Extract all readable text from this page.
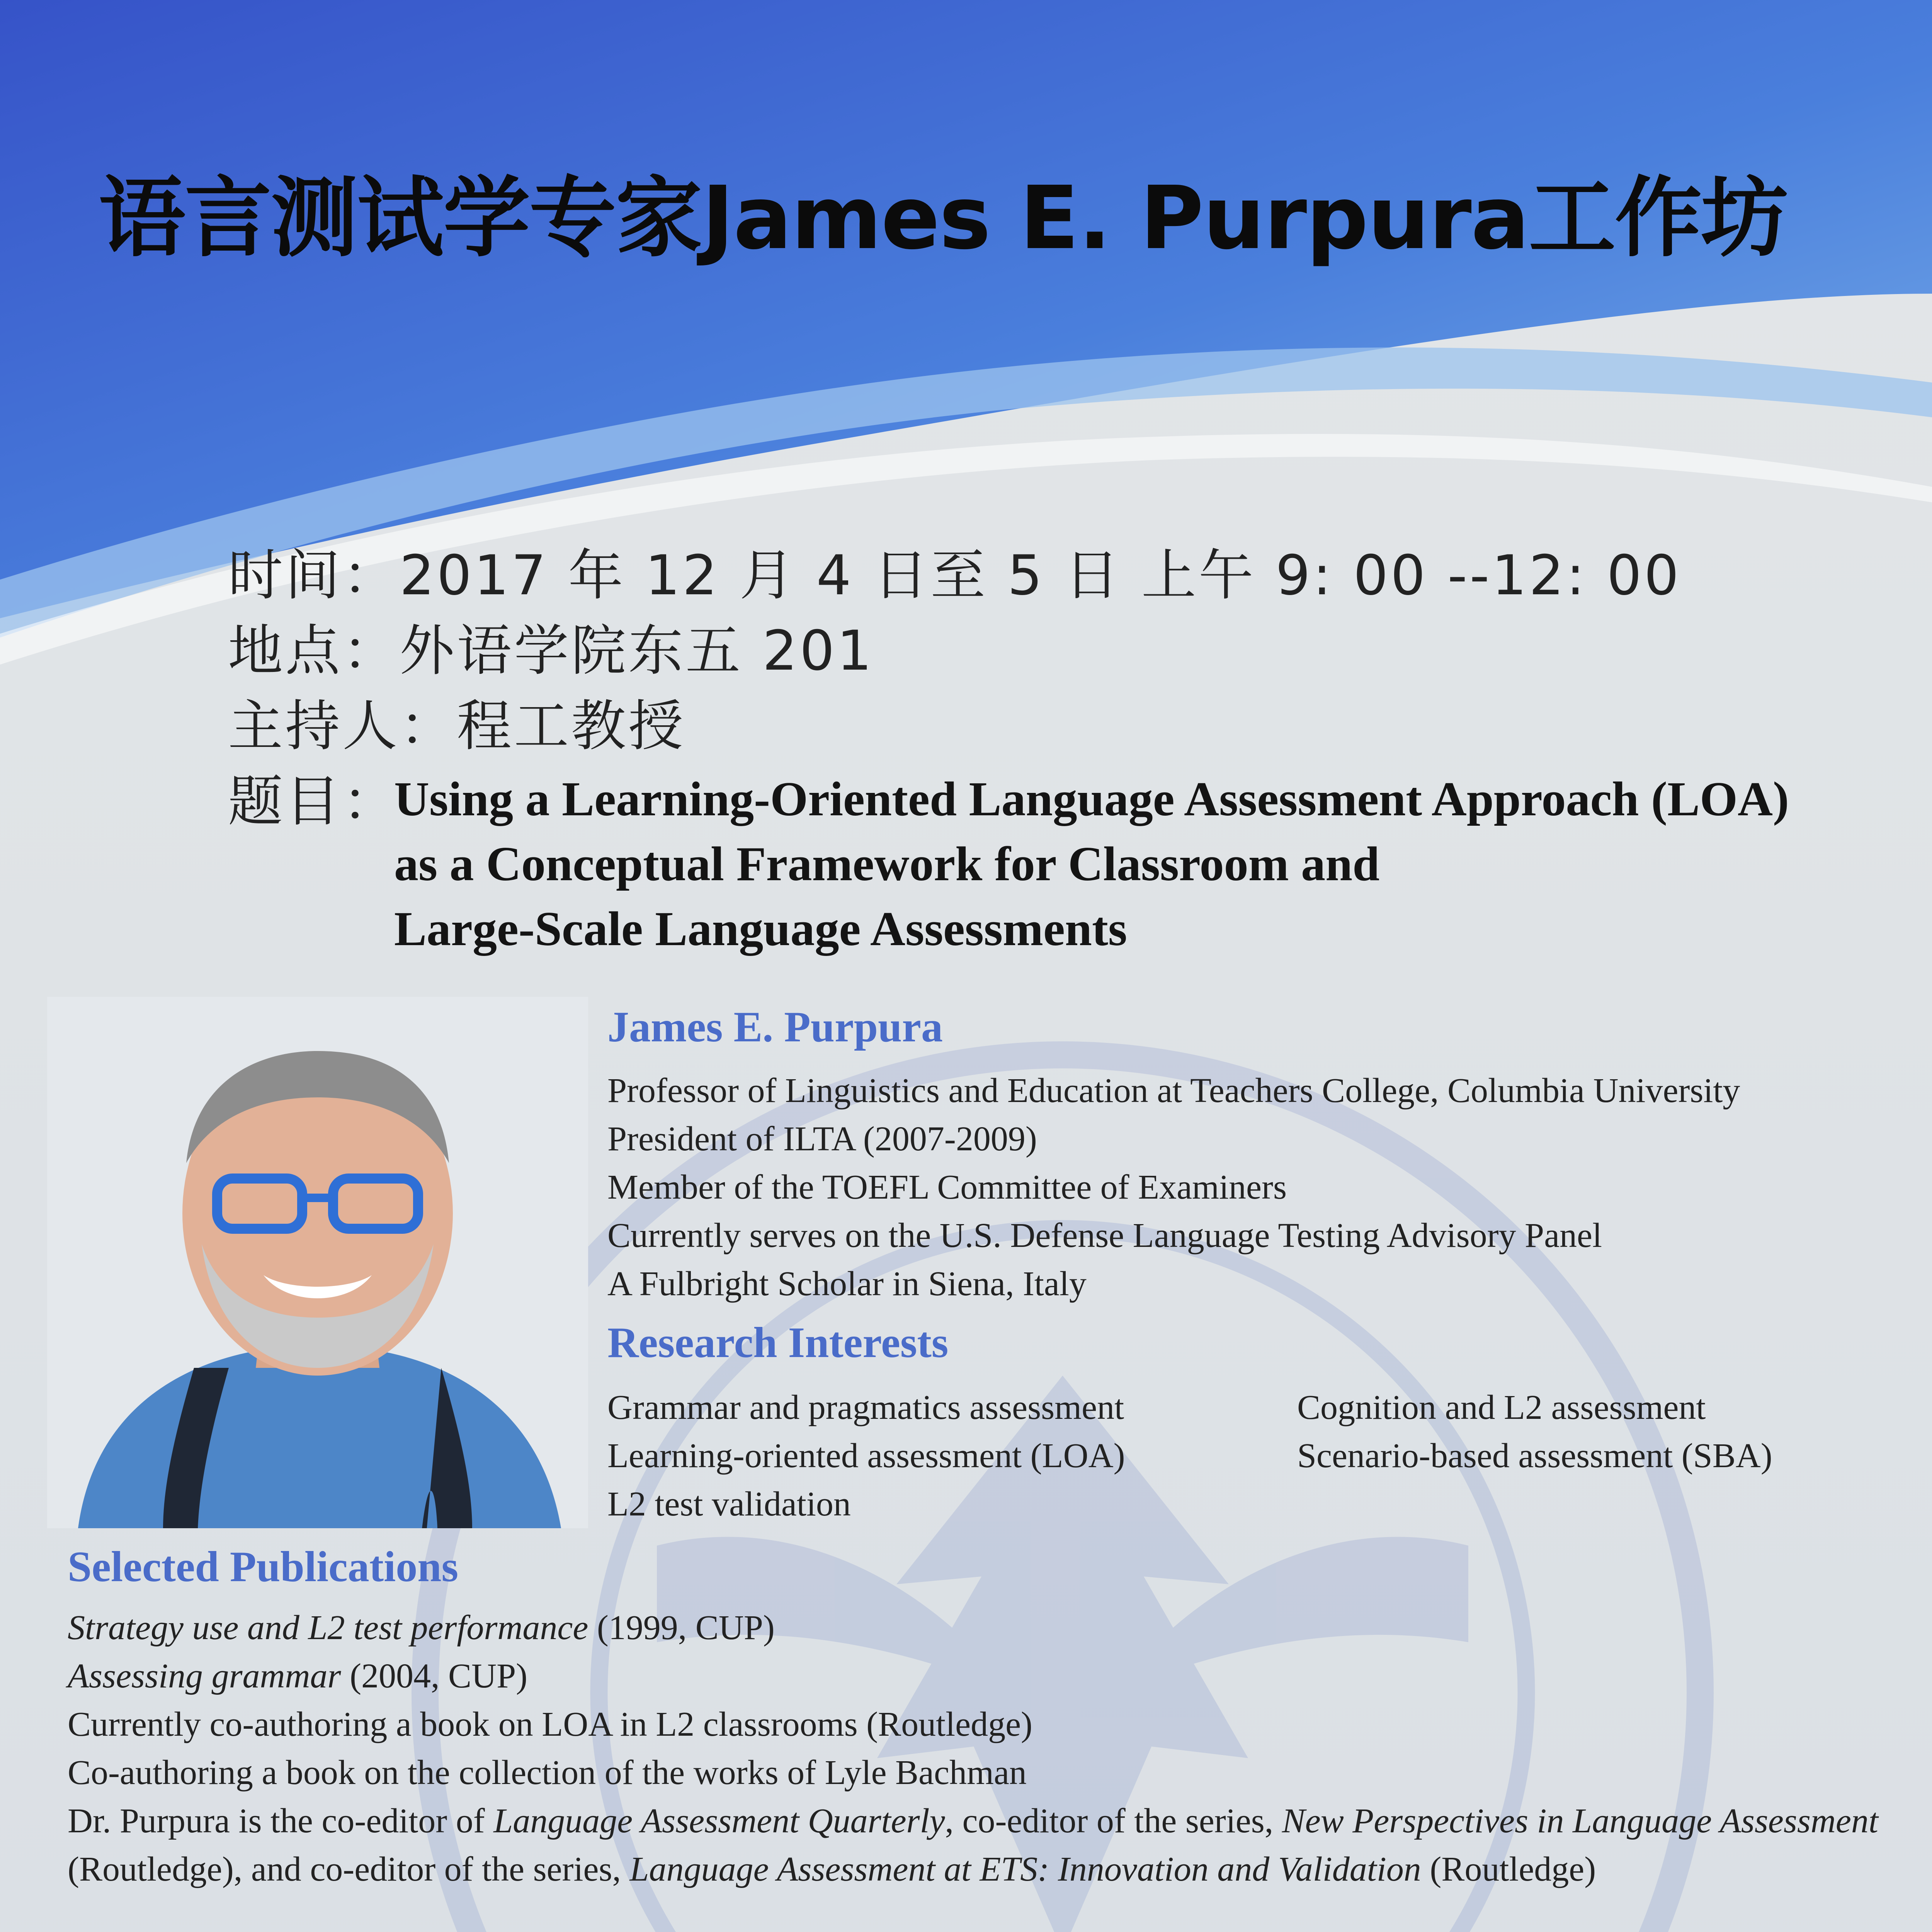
语言测试学专家James E. Purpura工作坊
时间：2017 年 12 月 4 日至 5 日 上午 9: 00 --12: 00
地点：外语学院东五 201
主持人：程工教授
题目：
Using a Learning-Oriented Language Assessment Approach (LOA)
as a Conceptual Framework for Classroom and
Large-Scale Language Assessments
James E. Purpura
Professor of Linguistics and Education at Teachers College, Columbia University
President of ILTA (2007-2009)
Member of the TOEFL Committee of Examiners
Currently serves on the U.S. Defense Language Testing Advisory Panel
A Fulbright Scholar in Siena, Italy
Research Interests
Grammar and pragmatics assessment	Cognition and L2 assessment
Learning-oriented assessment (LOA)	Scenario-based assessment (SBA)
L2 test validation
Selected Publications
Strategy use and L2 test performance (1999, CUP)
Assessing grammar (2004, CUP)
Currently co-authoring a book on LOA in L2 classrooms (Routledge)
Co-authoring a book on the collection of the works of Lyle Bachman
Dr. Purpura is the co-editor of Language Assessment Quarterly, co-editor of the series, New Perspectives in Language Assessment (Routledge), and co-editor of the series, Language Assessment at ETS: Innovation and Validation (Routledge)
